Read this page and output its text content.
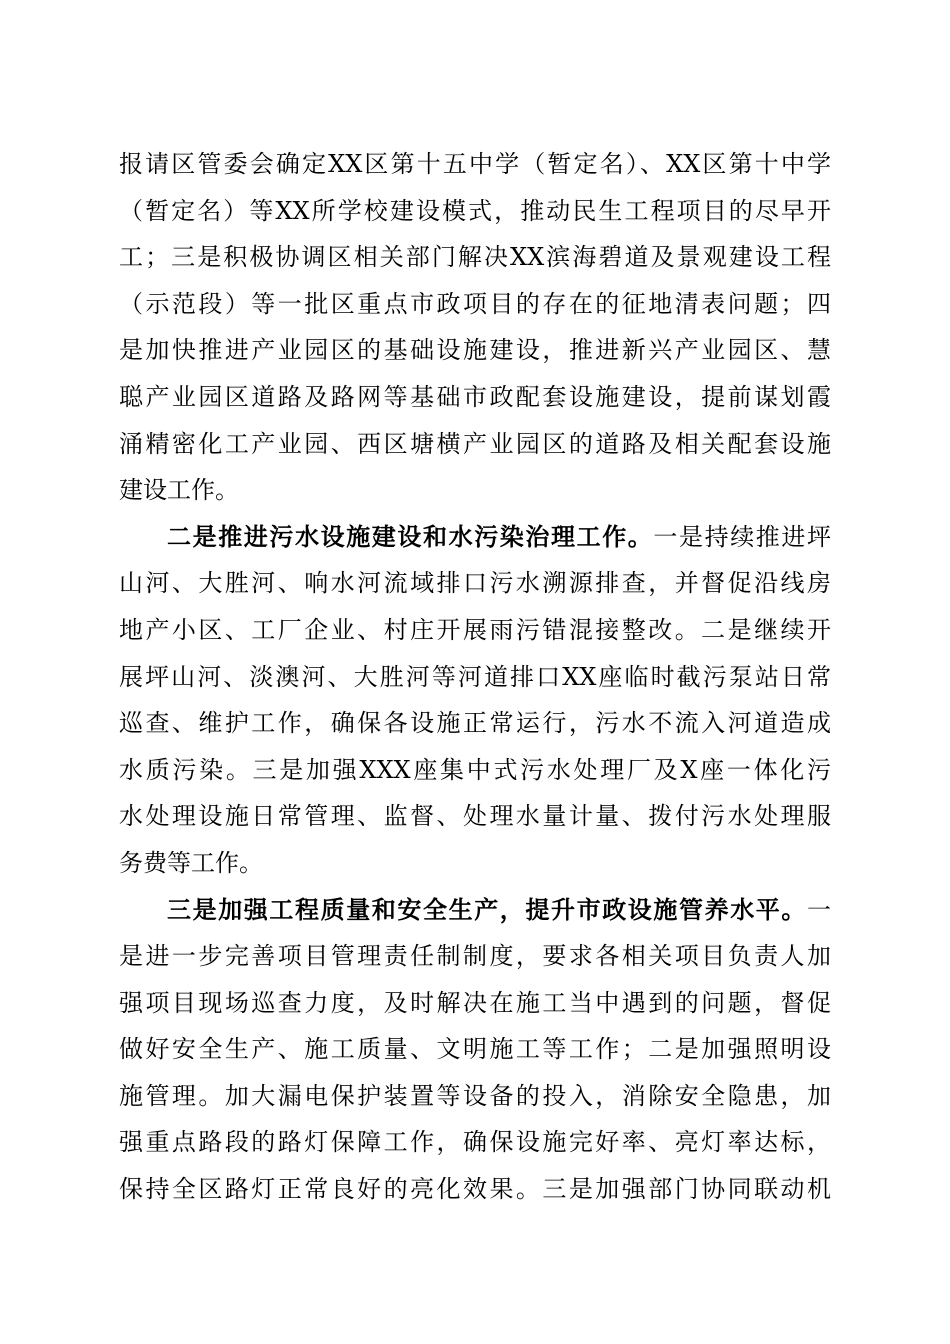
报请区管委会确定XX区第十五中学（暂定名）、XX区第十中学
（暂定名）等XX所学校建设模式，推动民生工程项目的尽早开
工；三是积极协调区相关部门解决XX滨海碧道及景观建设工程
（示范段）等一批区重点市政项目的存在的征地清表问题；四
是加快推进产业园区的基础设施建设，推进新兴产业园区、慧
聪产业园区道路及路网等基础市政配套设施建设，提前谋划霞
涌精密化工产业园、西区塘横产业园区的道路及相关配套设施
建设工作。
二是推进污水设施建设和水污染治理工作。一是持续推进坪
山河、大胜河、响水河流域排口污水溯源排查，并督促沿线房
地产小区、工厂企业、村庄开展雨污错混接整改。二是继续开
展坪山河、淡澳河、大胜河等河道排口XX座临时截污泵站日常
巡查、维护工作，确保各设施正常运行，污水不流入河道造成
水质污染。三是加强XXX座集中式污水处理厂及X座一体化污
水处理设施日常管理、监督、处理水量计量、拨付污水处理服
务费等工作。
三是加强工程质量和安全生产，提升市政设施管养水平。一
是进一步完善项目管理责任制制度，要求各相关项目负责人加
强项目现场巡查力度，及时解决在施工当中遇到的问题，督促
做好安全生产、施工质量、文明施工等工作；二是加强照明设
施管理。加大漏电保护装置等设备的投入，消除安全隐患，加
强重点路段的路灯保障工作，确保设施完好率、亮灯率达标，
保持全区路灯正常良好的亮化效果。三是加强部门协同联动机
